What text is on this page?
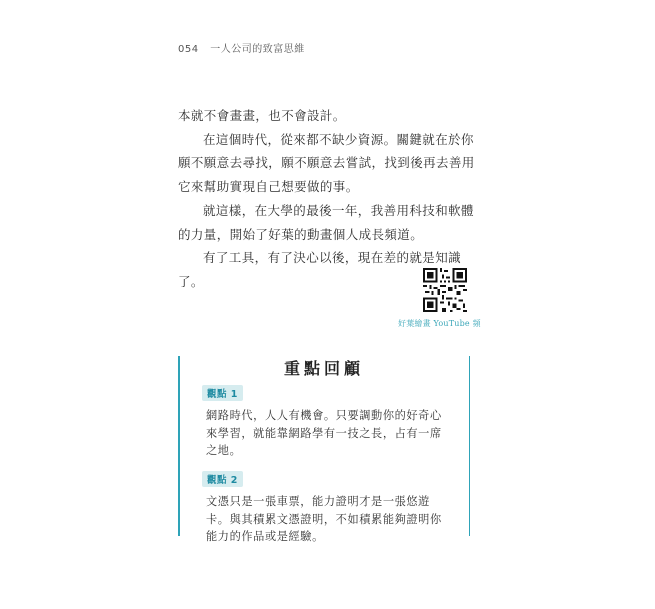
054 一人公司的致富思維

本就不會畫畫，也不會設計。

在這個時代，從來都不缺少資源。關鍵就在於你願不願意去尋找，願不願意去嘗試，找到後再去善用它來幫助實現自己想要做的事。

就這樣，在大學的最後一年，我善用科技和軟體的力量，開始了好葉的動畫個人成長頻道。

有了工具，有了決心以後，現在差的就是知識了。

好葉繪畫 YouTube 頻
重點回顧
觀點 1

網路時代，人人有機會。只要調動你的好奇心來學習，就能靠網路學有一技之長，占有一席之地。

觀點 2

文憑只是一張車票，能力證明才是一張悠遊卡。與其積累文憑證明，不如積累能夠證明你能力的作品或是經驗。
